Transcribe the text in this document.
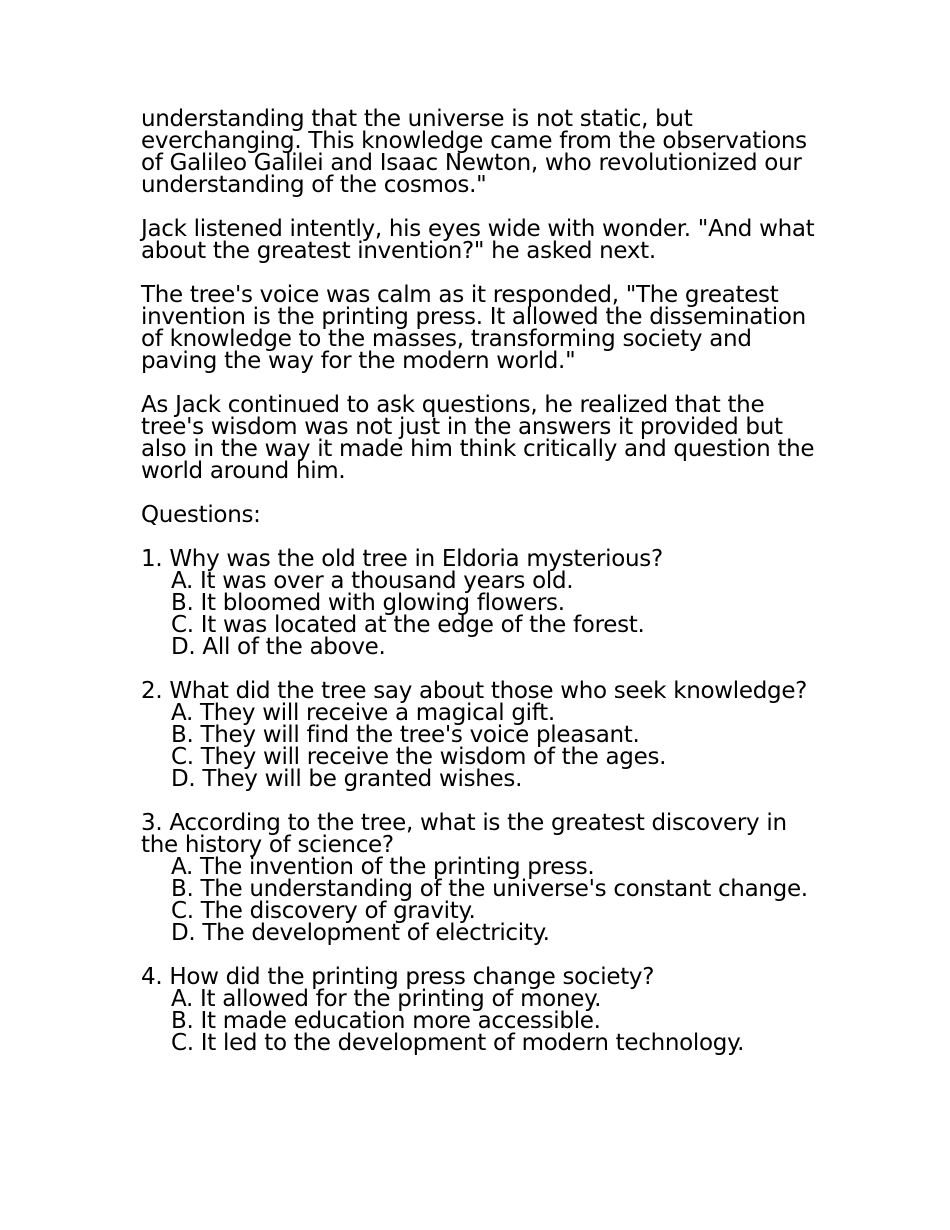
understanding that the universe is not static, but everchanging. This knowledge came from the observations of Galileo Galilei and Isaac Newton, who revolutionized our understanding of the cosmos."

Jack listened intently, his eyes wide with wonder. "And what about the greatest invention?" he asked next.

The tree's voice was calm as it responded, "The greatest invention is the printing press. It allowed the dissemination of knowledge to the masses, transforming society and paving the way for the modern world."

As Jack continued to ask questions, he realized that the tree's wisdom was not just in the answers it provided but also in the way it made him think critically and question the world around him.

Questions:

1. Why was the old tree in Eldoria mysterious?
A. It was over a thousand years old.
B. It bloomed with glowing flowers.
C. It was located at the edge of the forest.
D. All of the above.
2. What did the tree say about those who seek knowledge?
A. They will receive a magical gift.
B. They will find the tree's voice pleasant.
C. They will receive the wisdom of the ages.
D. They will be granted wishes.
3. According to the tree, what is the greatest discovery in the history of science?
A. The invention of the printing press.
B. The understanding of the universe's constant change.
C. The discovery of gravity.
D. The development of electricity.
4. How did the printing press change society?
A. It allowed for the printing of money.
B. It made education more accessible.
C. It led to the development of modern technology.
